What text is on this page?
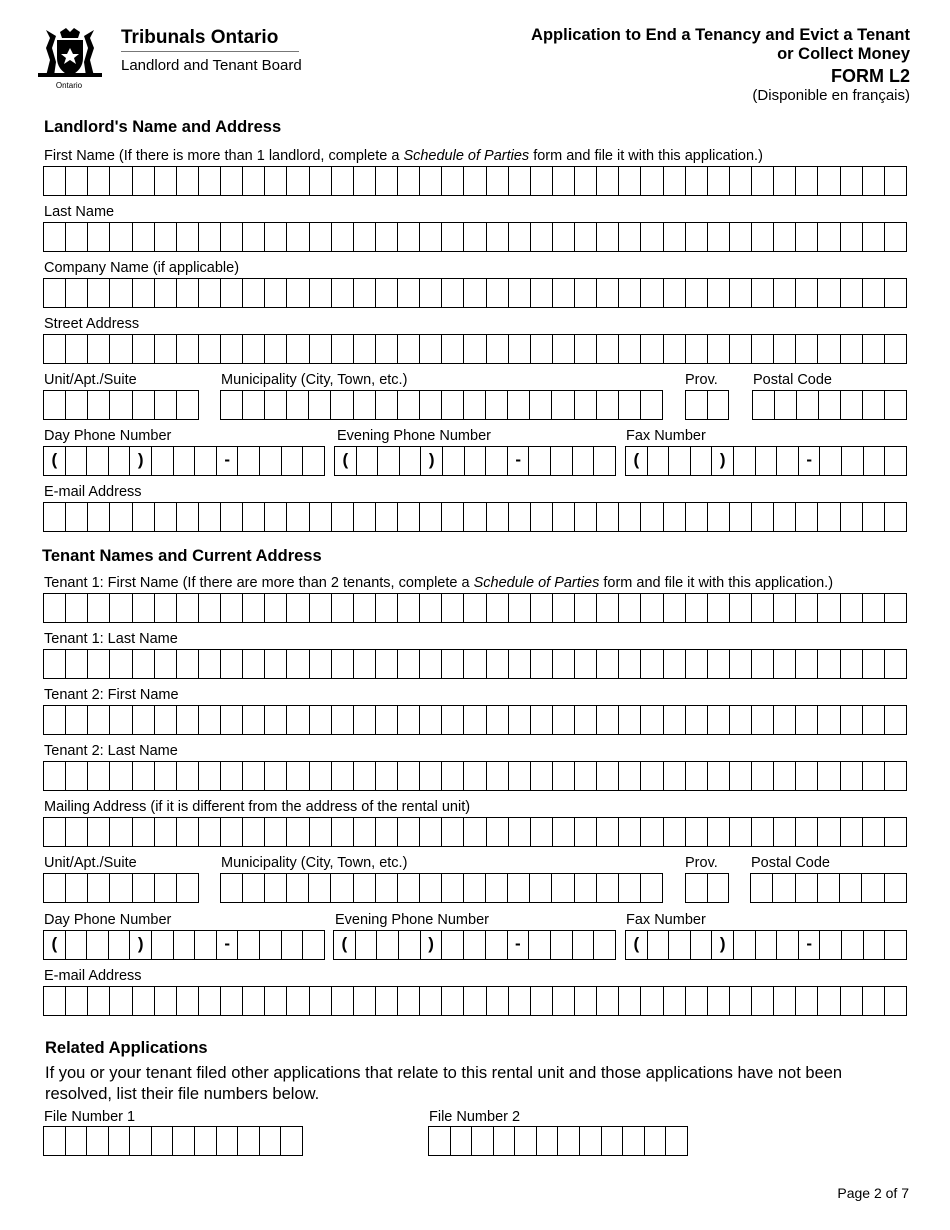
Ontario
Tribunals Ontario
Landlord and Tenant Board
Application to End a Tenancy and Evict a Tenant
or Collect Money
FORM L2
(Disponible en français)
Landlord's Name and Address
First Name (If there is more than 1 landlord, complete a Schedule of Parties form and file it with this application.)
Last Name
Company Name (if applicable)
Street Address
Unit/Apt./Suite	Municipality (City, Town, etc.)	Prov. Postal Code
Day Phone Number	Evening Phone Number	Fax Number
(	)	-	(	)	-	(	)	-
E-mail Address
Tenant Names and Current Address
Tenant 1: First Name (If there are more than 2 tenants, complete a Schedule of Parties form and file it with this application.)
Tenant 1: Last Name
Tenant 2: First Name
Tenant 2: Last Name
Mailing Address (if it is different from the address of the rental unit)
Unit/Apt./Suite	Municipality (City, Town, etc.)	Prov. Postal Code
Day Phone Number	Evening Phone Number	Fax Number
(	)	-	(	)	-	(	)	-
E-mail Address
Related Applications
If you or your tenant filed other applications that relate to this rental unit and those applications have not been resolved, list their file numbers below.
File Number 1	File Number 2
Page 2 of 7
